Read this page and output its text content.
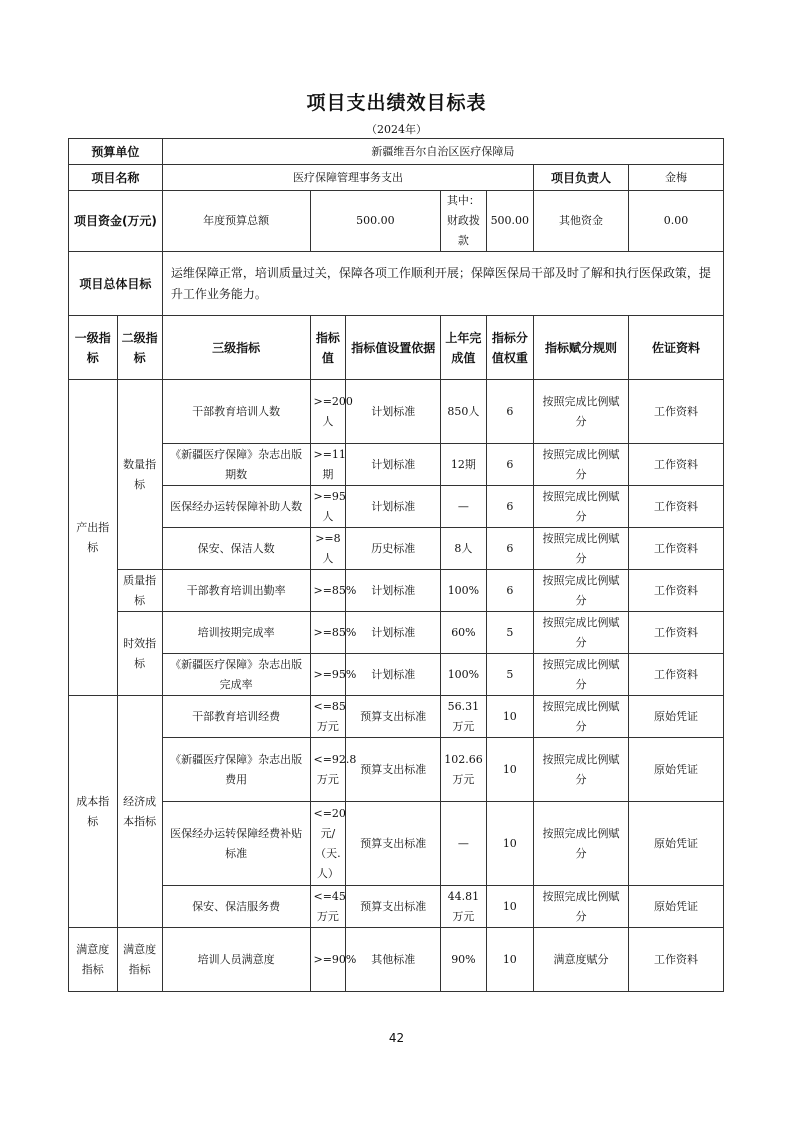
项目支出绩效目标表
（2024年）
预算单位		新疆维吾尔自治区医疗保障局						
项目名称		医疗保障管理事务支出					项目负责人	金梅
项目资金(万元)		年度预算总额	500.00		其中：财政拨款	500.00	其他资金	0.00
项目总体目标		运维保障正常，培训质量过关，保障各项工作顺利开展；保障医保局干部及时了解和执行医保政策，提升工作业务能力。						
一级指标	二级指标	三级指标	指标值	指标值设置依据	上年完成值	指标分值权重	指标赋分规则	佐证资料
产出指标	数量指标	干部教育培训人数	>=200人	计划标准	850人	6	按照完成比例赋分	工作资料
		《新疆医疗保障》杂志出版期数	>=11期	计划标准	12期	6	按照完成比例赋分	工作资料
		医保经办运转保障补助人数	>=95人	计划标准	—	6	按照完成比例赋分	工作资料
		保安、保洁人数	>=8人	历史标准	8人	6	按照完成比例赋分	工作资料
	质量指标	干部教育培训出勤率	>=85%	计划标准	100%	6	按照完成比例赋分	工作资料
	时效指标	培训按期完成率	>=85%	计划标准	60%	5	按照完成比例赋分	工作资料
		《新疆医疗保障》杂志出版完成率	>=95%	计划标准	100%	5	按照完成比例赋分	工作资料
成本指标	经济成本指标	干部教育培训经费	<=85万元	预算支出标准	56.31万元	10	按照完成比例赋分	原始凭证
		《新疆医疗保障》杂志出版费用	<=92.8万元	预算支出标准	102.66万元	10	按照完成比例赋分	原始凭证
		医保经办运转保障经费补贴标准	<=20元/（天.人）	预算支出标准	—	10	按照完成比例赋分	原始凭证
		保安、保洁服务费	<=45万元	预算支出标准	44.81万元	10	按照完成比例赋分	原始凭证
满意度指标	满意度指标	培训人员满意度	>=90%	其他标准	90%	10	满意度赋分	工作资料
42
